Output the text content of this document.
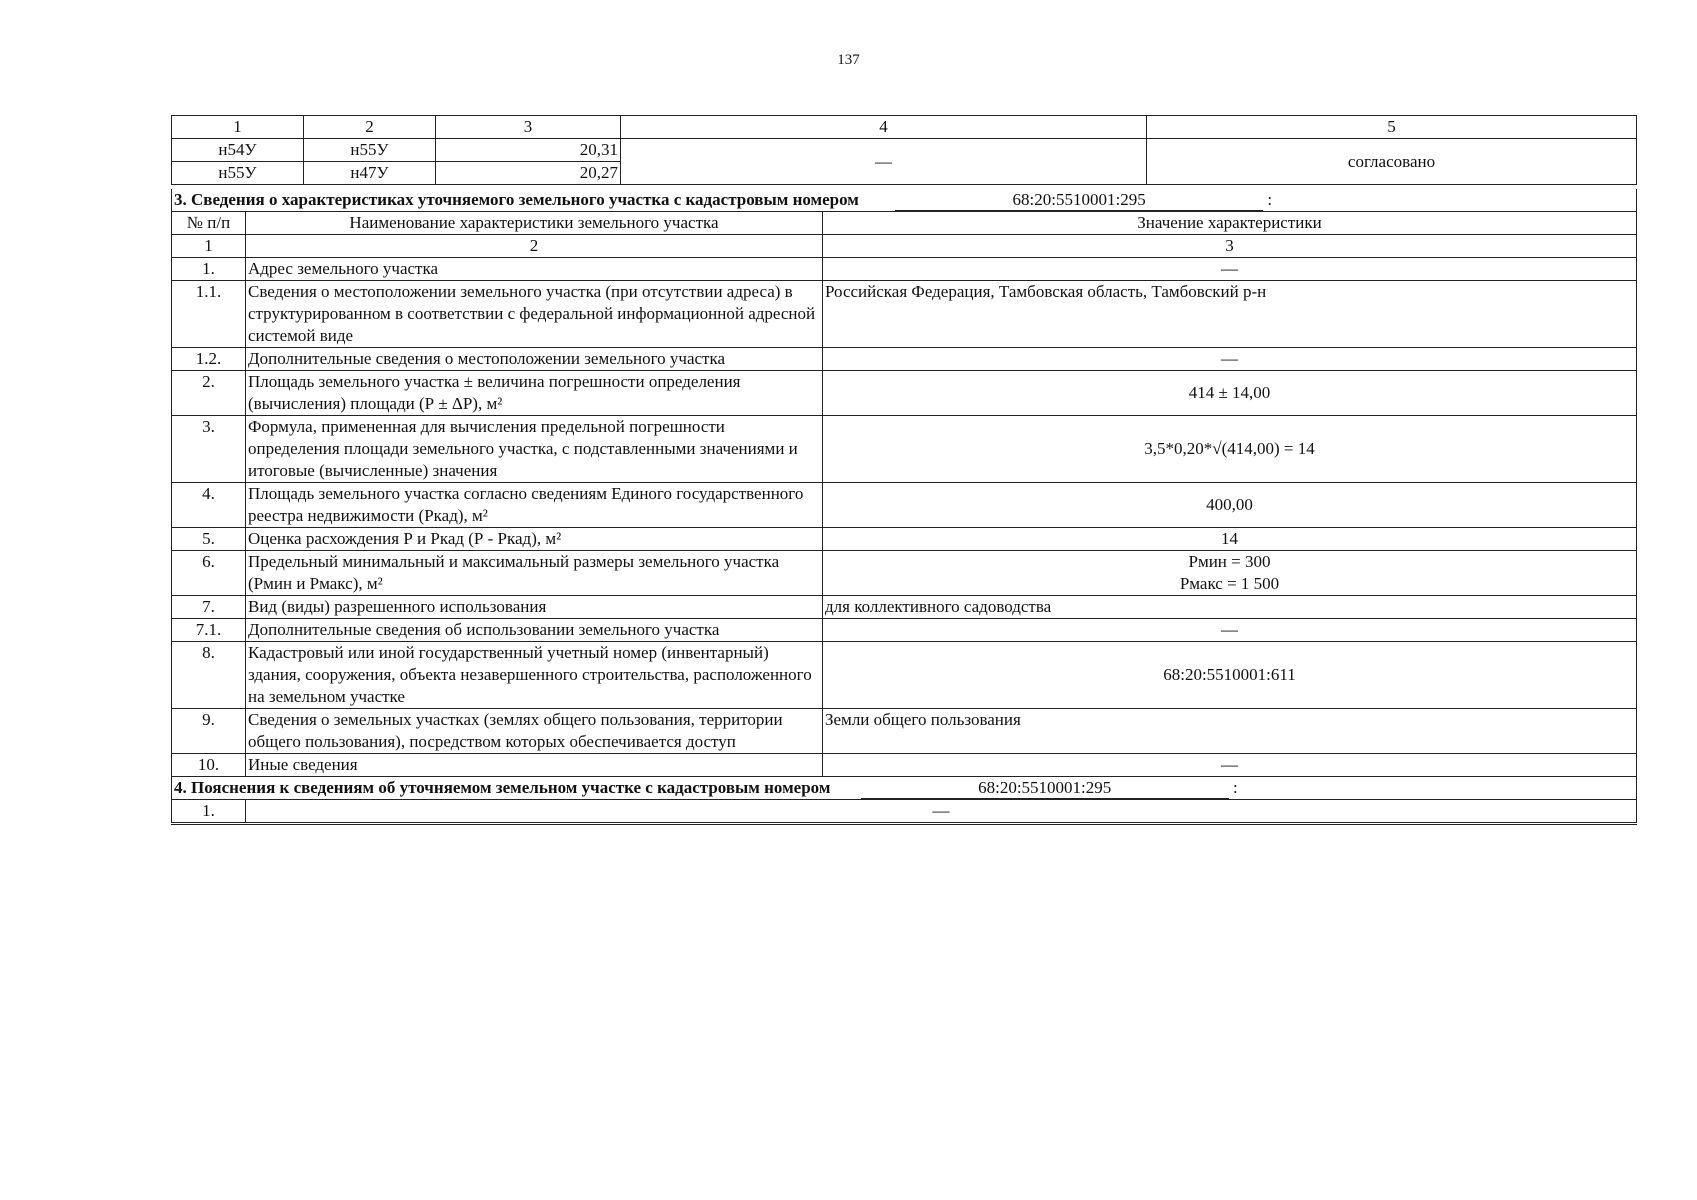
137
1	2	3	4	5
н54У	н55У	20,31	—	согласовано
н55У	н47У	20,27		
3. Сведения о характеристиках уточняемого земельного участка с кадастровым номером 68:20:5510001:295 :		
№ п/п	Наименование характеристики земельного участка	Значение характеристики
1	2	3
1.	Адрес земельного участка	—
1.1.	Сведения о местоположении земельного участка (при отсутствии адреса) в структурированном в соответствии с федеральной информационной адресной системой виде	Российская Федерация, Тамбовская область, Тамбовский р-н
1.2.	Дополнительные сведения о местоположении земельного участка	—
2.	Площадь земельного участка ± величина погрешности определения (вычисления) площади (Р ± ΔР), м²	414 ± 14,00
3.	Формула, примененная для вычисления предельной погрешности определения площади земельного участка, с подставленными значениями и итоговые (вычисленные) значения	3,5*0,20*√(414,00) = 14
4.	Площадь земельного участка согласно сведениям Единого государственного реестра недвижимости (Ркад), м²	400,00
5.	Оценка расхождения Р и Ркад (Р - Ркад), м²	14
6.	Предельный минимальный и максимальный размеры земельного участка (Рмин и Рмакс), м²	Рмин = 300
Рмакс = 1 500

7.	Вид (виды) разрешенного использования	для коллективного садоводства
7.1.	Дополнительные сведения об использовании земельного участка	—
8.	Кадастровый или иной государственный учетный номер (инвентарный) здания, сооружения, объекта незавершенного строительства, расположенного на земельном участке	68:20:5510001:611
9.	Сведения о земельных участках (землях общего пользования, территории общего пользования), посредством которых обеспечивается доступ	Земли общего пользования
10.	Иные сведения	—
4. Пояснения к сведениям об уточняемом земельном участке с кадастровым номером 68:20:5510001:295 :		
1.	—	
